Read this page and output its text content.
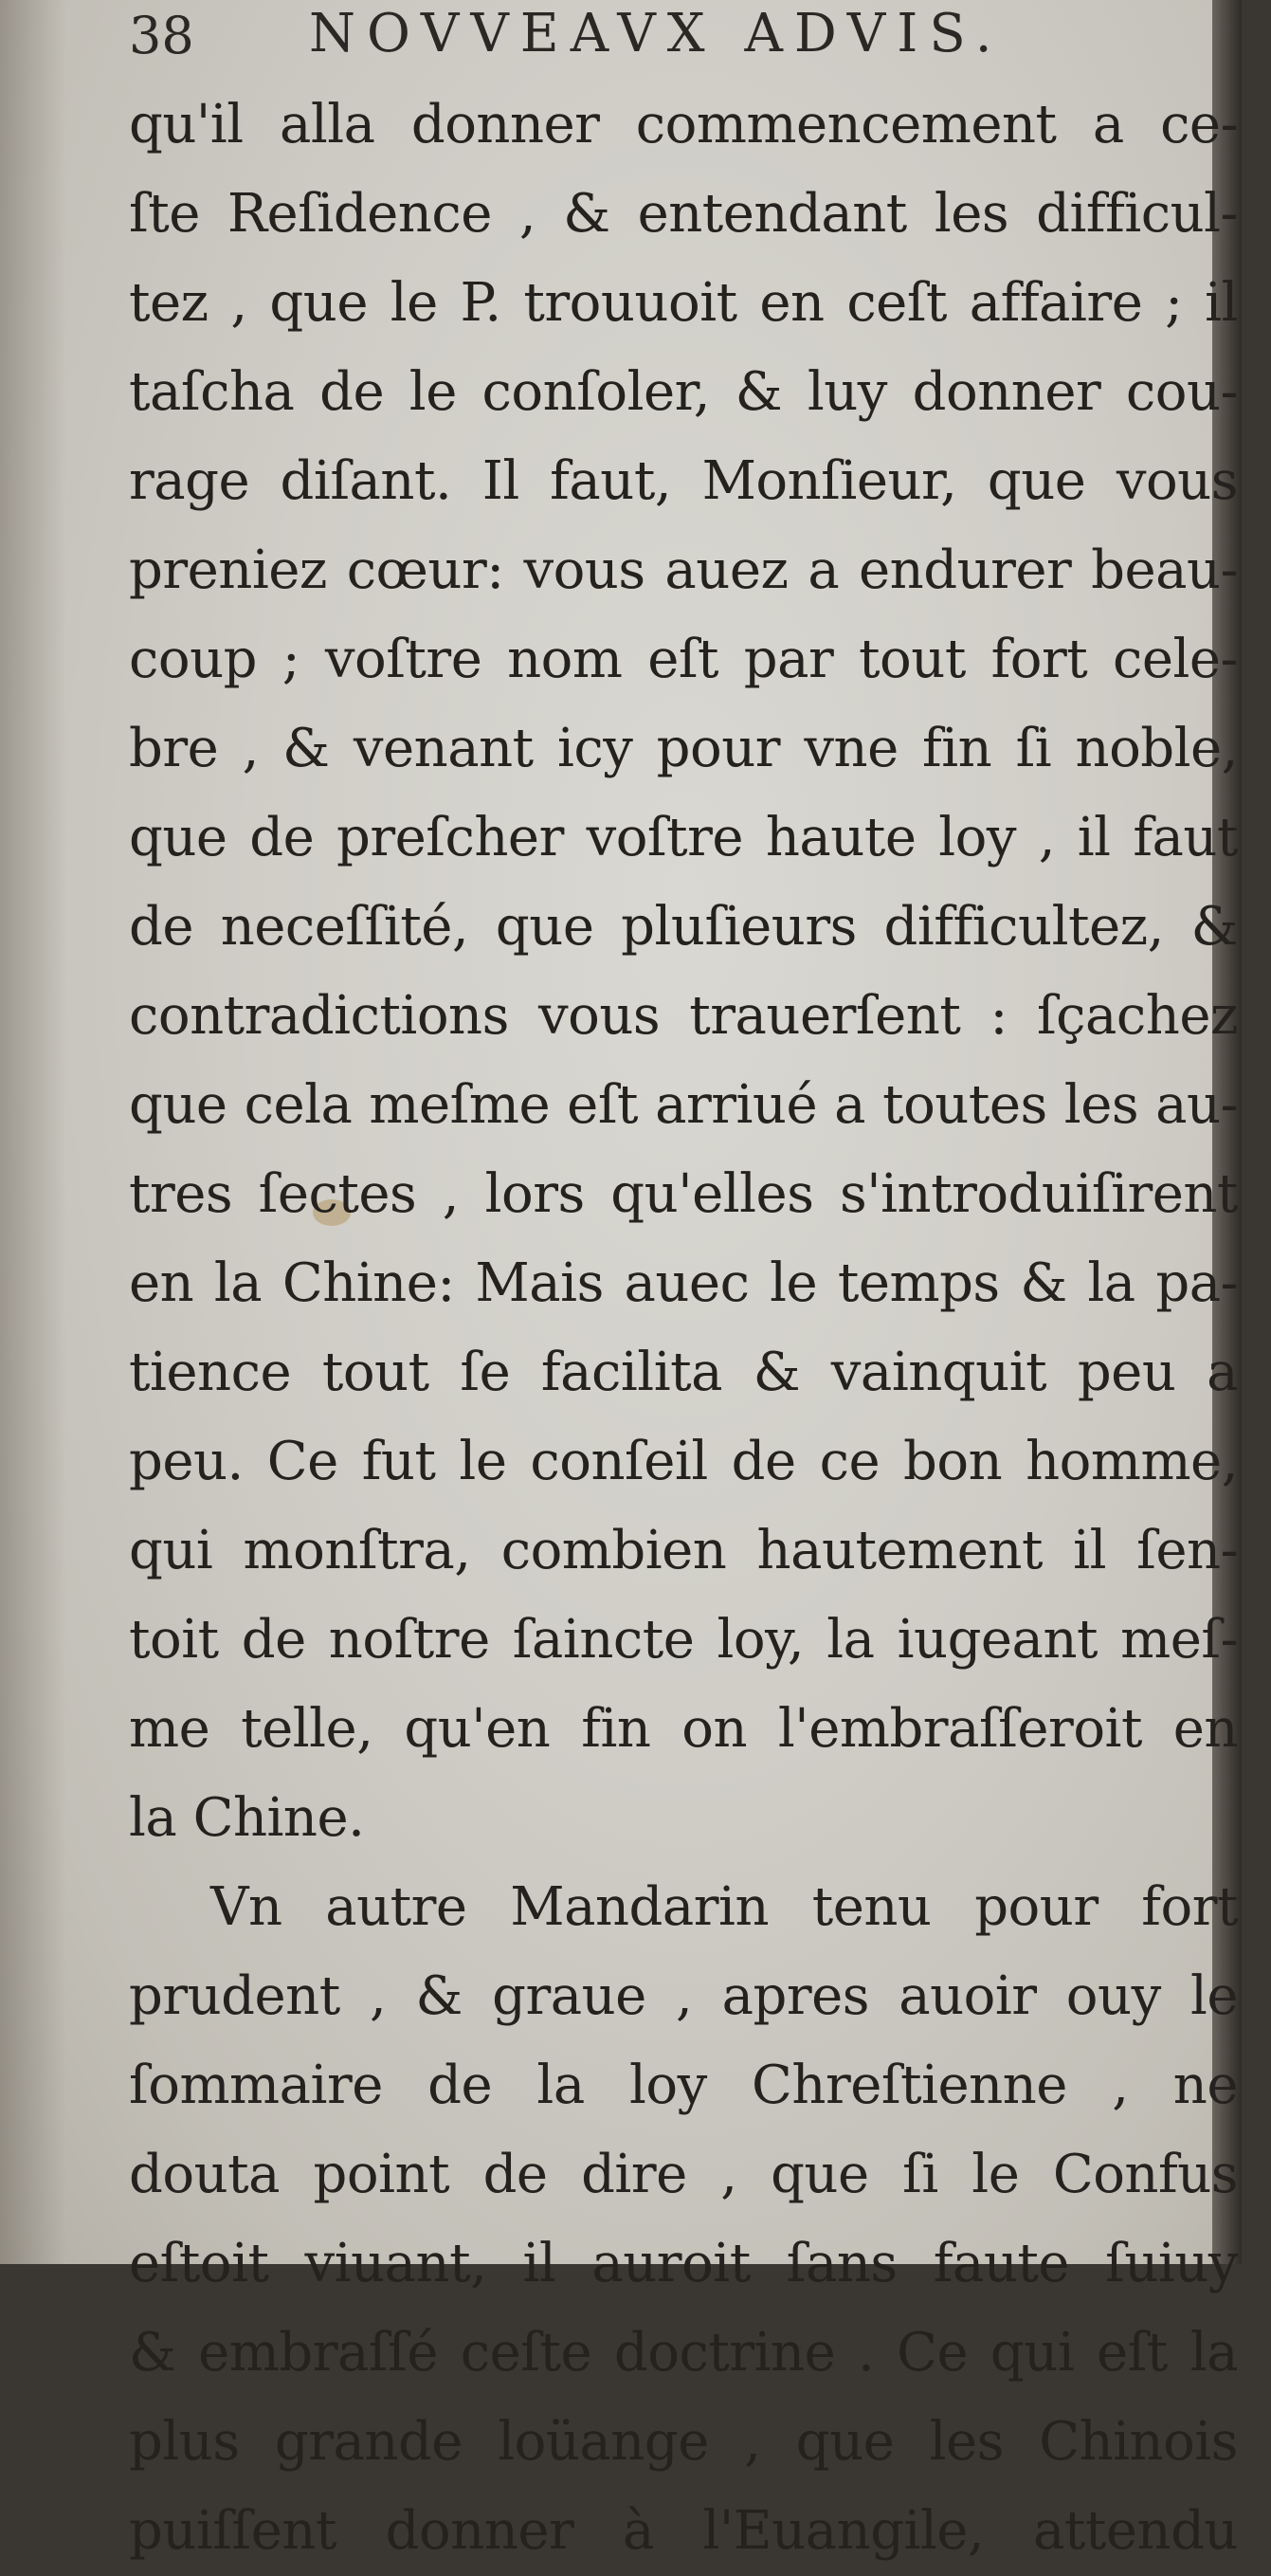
38 NOVVEAVX ADVIS.
qu'il alla donner commencement a ce-
ſte Reſidence , & entendant les difficul-
tez , que le P. trouuoit en ceſt affaire ; il
taſcha de le conſoler, & luy donner cou-
rage diſant. Il faut, Monſieur, que vous
preniez cœur: vous auez a endurer beau-
coup ; voſtre nom eſt par tout fort cele-
bre , & venant icy pour vne fin ſi noble,
que de preſcher voſtre haute loy , il faut
de neceſſité, que pluſieurs difficultez, &
contradictions vous trauerſent : ſçachez
que cela meſme eſt arriué a toutes les au-
tres ſectes , lors qu'elles s'introduiſirent
en la Chine: Mais auec le temps & la pa-
tience tout ſe facilita & vainquit peu a
peu. Ce fut le conſeil de ce bon homme,
qui monſtra, combien hautement il ſen-
toit de noſtre ſaincte loy, la iugeant meſ-
me telle, qu'en fin on l'embraſſeroit en
la Chine.
Vn autre Mandarin tenu pour fort
prudent , & graue , apres auoir ouy le
ſommaire de la loy Chreſtienne , ne
douta point de dire , que ſi le Confus
eſtoit viuant, il auroit ſans faute ſuiuy
& embraſſé ceſte doctrine . Ce qui eſt la
plus grande loüange , que les Chinois
puiſſent donner à l'Euangile, attendu
